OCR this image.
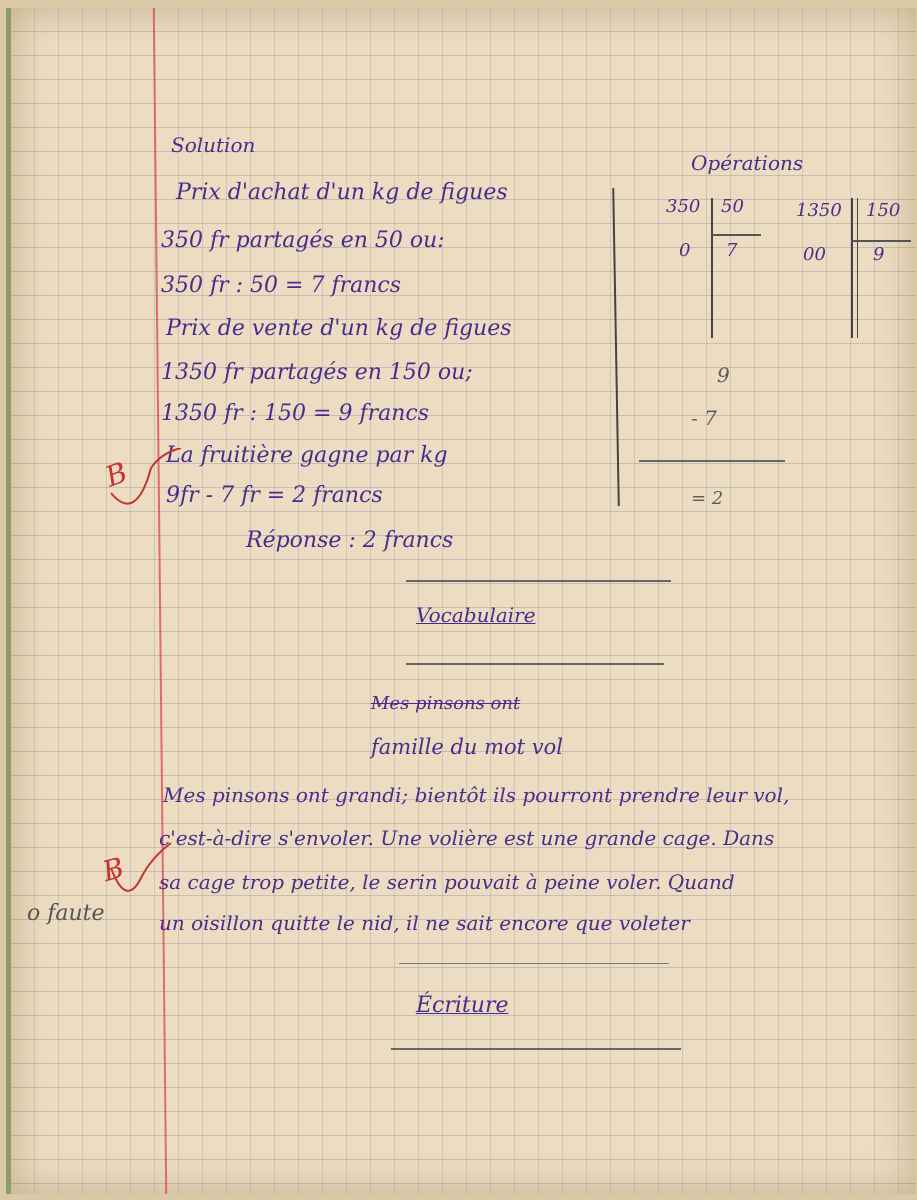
Solution
Prix d'achat d'un kg de figues
350 fr partagés en 50 ou:
350 fr : 50 = 7 francs
Prix de vente d'un kg de figues
1350 fr partagés en 150 ou;
1350 fr : 150 = 9 francs
La fruitière gagne par kg
9fr - 7 fr = 2 francs
Réponse : 2 francs
B
Opérations
350 50
0 7
1350 150
00	9
9
- 7
= 2
Vocabulaire
Mes pinsons ont
famille du mot vol
Mes pinsons ont grandi; bientôt ils pourront prendre leur vol,
c'est-à-dire s'envoler. Une volière est une grande cage. Dans
sa cage trop petite, le serin pouvait à peine voler. Quand
un oisillon quitte le nid, il ne sait encore que voleter
B
o faute
Écriture
